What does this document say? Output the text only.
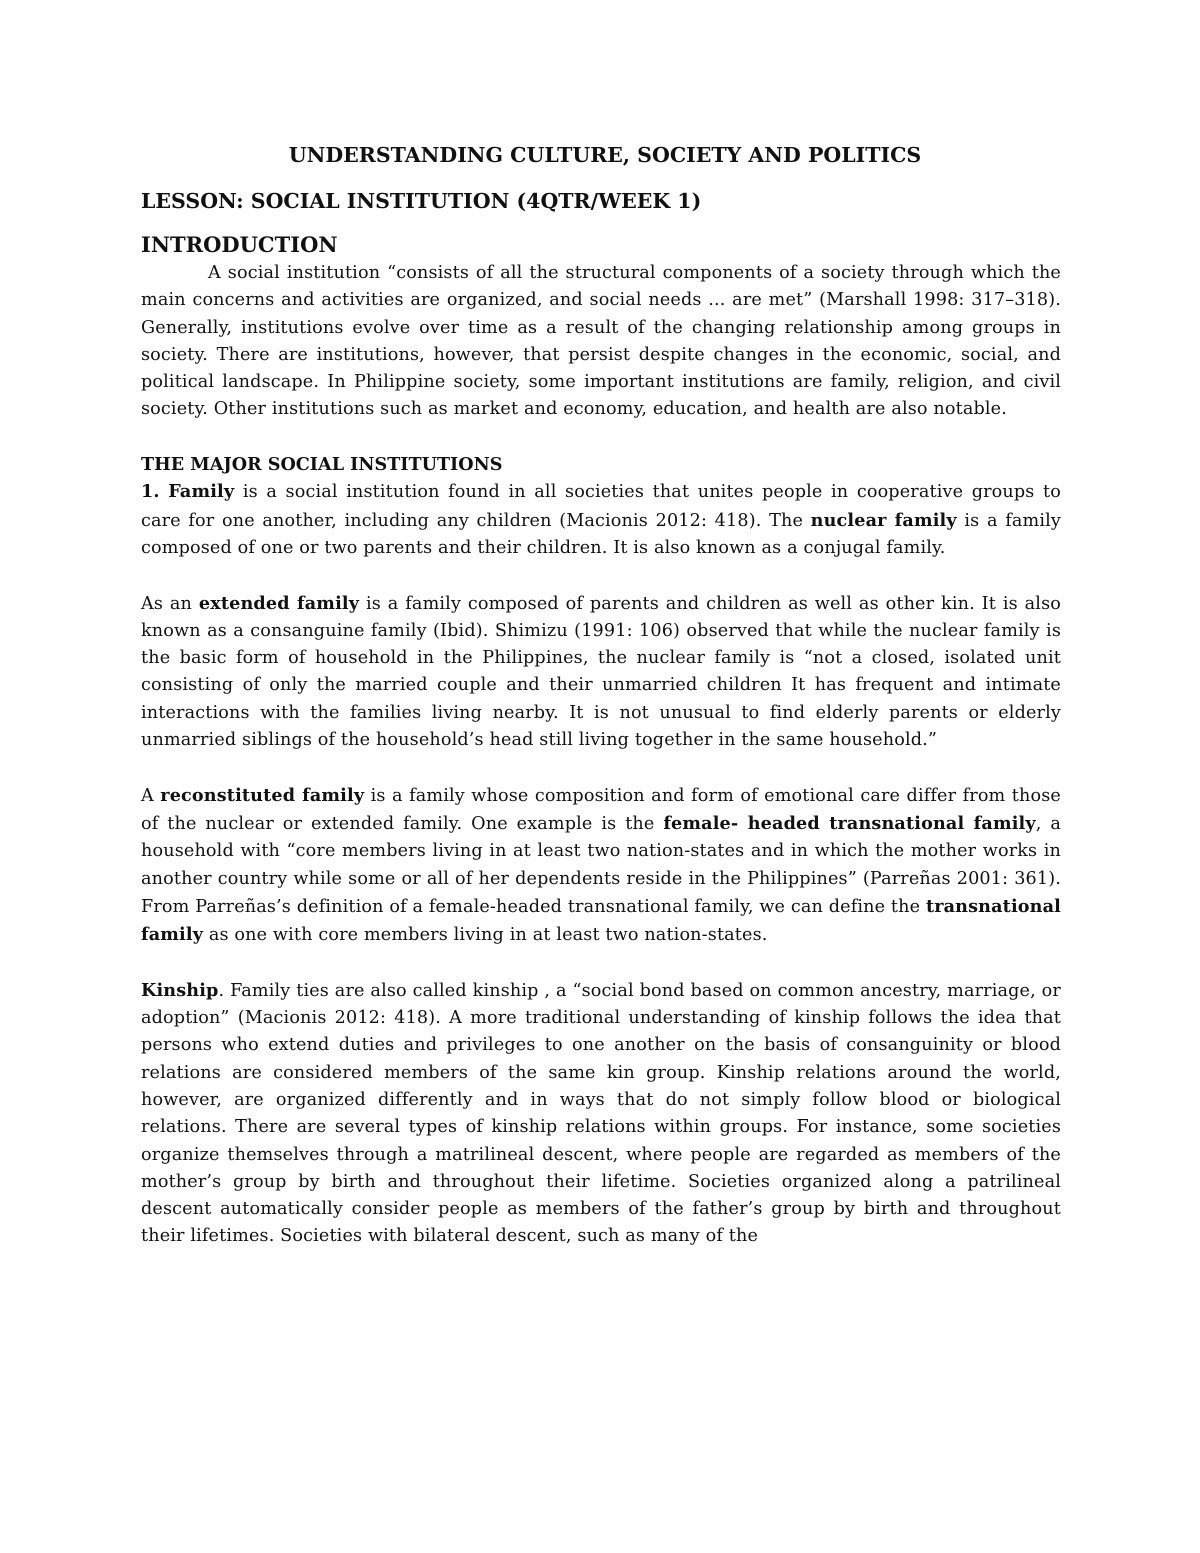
UNDERSTANDING CULTURE, SOCIETY AND POLITICS

LESSON: SOCIAL INSTITUTION (4QTR/WEEK 1)

INTRODUCTION

A social institution “consists of all the structural components of a society through which the main concerns and activities are organized, and social needs ... are met” (Marshall 1998: 317–318). Generally, institutions evolve over time as a result of the changing relationship among groups in society. There are institutions, however, that persist despite changes in the economic, social, and political landscape. In Philippine society, some important institutions are family, religion, and civil society. Other institutions such as market and economy, education, and health are also notable.

THE MAJOR SOCIAL INSTITUTIONS

1. Family is a social institution found in all societies that unites people in cooperative groups to care for one another, including any children (Macionis 2012: 418). The nuclear family is a family composed of one or two parents and their children. It is also known as a conjugal family.

As an extended family is a family composed of parents and children as well as other kin. It is also known as a consanguine family (Ibid). Shimizu (1991: 106) observed that while the nuclear family is the basic form of household in the Philippines, the nuclear family is “not a closed, isolated unit consisting of only the married couple and their unmarried children It has frequent and intimate interactions with the families living nearby. It is not unusual to find elderly parents or elderly unmarried siblings of the household’s head still living together in the same household.”

A reconstituted family is a family whose composition and form of emotional care differ from those of the nuclear or extended family. One example is the female- headed transnational family, a household with “core members living in at least two nation-states and in which the mother works in another country while some or all of her dependents reside in the Philippines” (Parreñas 2001: 361). From Parreñas’s definition of a female-headed transnational family, we can define the transnational family as one with core members living in at least two nation-states.

Kinship. Family ties are also called kinship , a “social bond based on common ancestry, marriage, or adoption” (Macionis 2012: 418). A more traditional understanding of kinship follows the idea that persons who extend duties and privileges to one another on the basis of consanguinity or blood relations are considered members of the same kin group. Kinship relations around the world, however, are organized differently and in ways that do not simply follow blood or biological relations. There are several types of kinship relations within groups. For instance, some societies organize themselves through a matrilineal descent, where people are regarded as members of the mother’s group by birth and throughout their lifetime. Societies organized along a patrilineal descent automatically consider people as members of the father’s group by birth and throughout their lifetimes. Societies with bilateral descent, such as many of the
